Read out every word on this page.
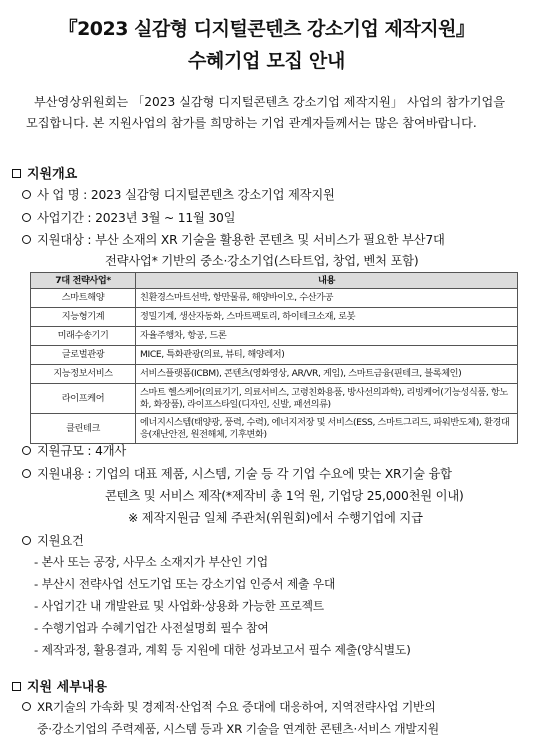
『2023 실감형 디지털콘텐츠 강소기업 제작지원』
수혜기업 모집 안내

부산영상위원회는 「2023 실감형 디지털콘텐츠 강소기업 제작지원」 사업의 참가기업을

모집합니다. 본 지원사업의 참가를 희망하는 기업 관계자들께서는 많은 참여바랍니다.

지원개요
사 업 명 : 2023 실감형 디지털콘텐츠 강소기업 제작지원
사업기간 : 2023년 3월 ~ 11월 30일
지원대상 : 부산 소재의 XR 기술을 활용한 콘텐츠 및 서비스가 필요한 부산7대
전략사업* 기반의 중소·강소기업(스타트업, 창업, 벤처 포함)
7대 전략사업*	내용
스마트해양	친환경스마트선박, 항만물류, 해양바이오, 수산가공
지능형기계	정밀기계, 생산자동화, 스마트팩토리, 하이테크소재, 로봇
미래수송기기	자율주행차, 항공, 드론
글로벌관광	MICE, 특화관광(의료, 뷰티, 해양레저)
지능정보서비스	서비스플랫폼(ICBM), 콘텐츠(영화영상, AR/VR, 게임), 스마트금융(핀테크, 블록체인)
라이프케어	스마트 헬스케어(의료기기, 의료서비스, 고령친화용품, 방사선의과학), 리빙케어(기능성식품, 항노화, 화장품), 라이프스타일(디자인, 신발, 패션의류)
클린테크	에너지시스템(태양광, 풍력, 수력), 에너지저장 및 서비스(ESS, 스마트그리드, 파워반도체), 환경대응(재난안전, 원전해체, 기후변화)
지원규모 : 4개사
지원내용 : 기업의 대표 제품, 시스템, 기술 등 각 기업 수요에 맞는 XR기술 융합
콘텐츠 및 서비스 제작(*제작비 총 1억 원, 기업당 25,000천원 이내)
※ 제작지원금 일체 주관처(위원회)에서 수행기업에 지급
지원요건
- 본사 또는 공장, 사무소 소재지가 부산인 기업
- 부산시 전략사업 선도기업 또는 강소기업 인증서 제출 우대
- 사업기간 내 개발완료 및 사업화·상용화 가능한 프로젝트
- 수행기업과 수혜기업간 사전설명회 필수 참여
- 제작과정, 활용결과, 계획 등 지원에 대한 성과보고서 필수 제출(양식별도)
지원 세부내용
XR기술의 가속화 및 경제적·산업적 수요 증대에 대응하여, 지역전략사업 기반의
중·강소기업의 주력제품, 시스템 등과 XR 기술을 연계한 콘텐츠·서비스 개발지원
